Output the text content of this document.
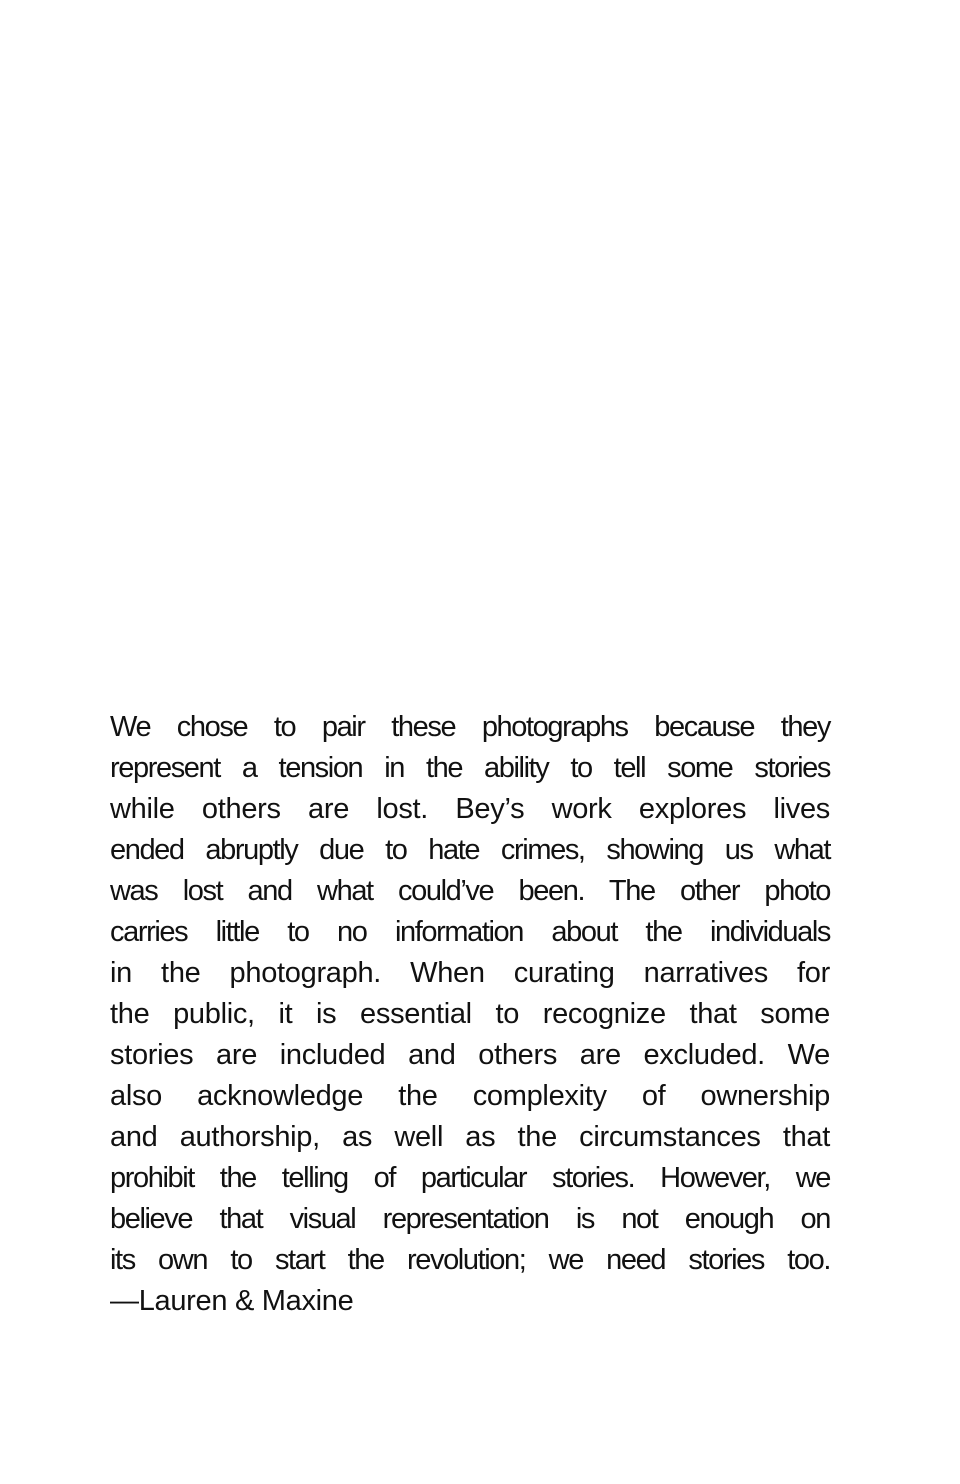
We chose to pair these photographs because they
represent a tension in the ability to tell some stories
while others are lost. Bey’s work explores lives
ended abruptly due to hate crimes, showing us what
was lost and what could’ve been. The other photo
carries little to no information about the individuals
in the photograph. When curating narratives for
the public, it is essential to recognize that some
stories are included and others are excluded. We
also acknowledge the complexity of ownership
and authorship, as well as the circumstances that
prohibit the telling of particular stories. However, we
believe that visual representation is not enough on
its own to start the revolution; we need stories too.
—Lauren & Maxine
